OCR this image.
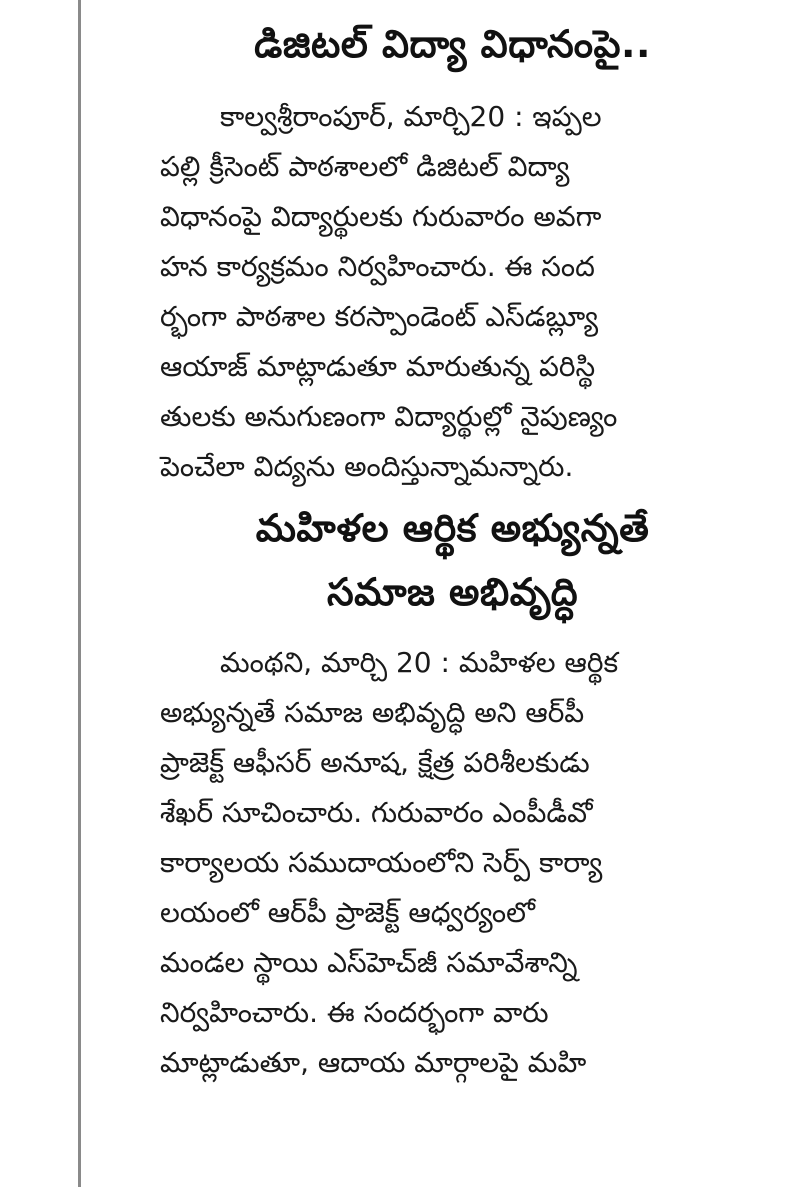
డిజిటల్ విద్యా విధానంపై..
కాల్వశ్రీరాంపూర్, మార్చి20 : ఇప్పల
పల్లి క్రీసెంట్ పాఠశాలలో డిజిటల్ విద్యా
విధానంపై విద్యార్థులకు గురువారం అవగా
హన కార్యక్రమం నిర్వహించారు. ఈ సంద
ర్భంగా పాఠశాల కరస్పాండెంట్ ఎస్‌డబ్ల్యూ
ఆయాజ్ మాట్లాడుతూ మారుతున్న పరిస్థి
తులకు అనుగుణంగా విద్యార్థుల్లో నైపుణ్యం
పెంచేలా విద్యను అందిస్తున్నామన్నారు.
మహిళల ఆర్థిక అభ్యున్నతే
సమాజ అభివృద్ధి
మంథని, మార్చి 20 : మహిళల ఆర్థిక
అభ్యున్నతే సమాజ అభివృద్ధి అని ఆర్‌పీ
ప్రాజెక్ట్ ఆఫీసర్ అనూష, క్షేత్ర పరిశీలకుడు
శేఖర్ సూచించారు. గురువారం ఎంపీడీవో
కార్యాలయ సముదాయంలోని సెర్ప్ కార్యా
లయంలో ఆర్‌పీ ప్రాజెక్ట్ ఆధ్వర్యంలో
మండల స్థాయి ఎస్‌హెచ్‌జీ సమావేశాన్ని
నిర్వహించారు. ఈ సందర్భంగా వారు
మాట్లాడుతూ, ఆదాయ మార్గాలపై మహి
